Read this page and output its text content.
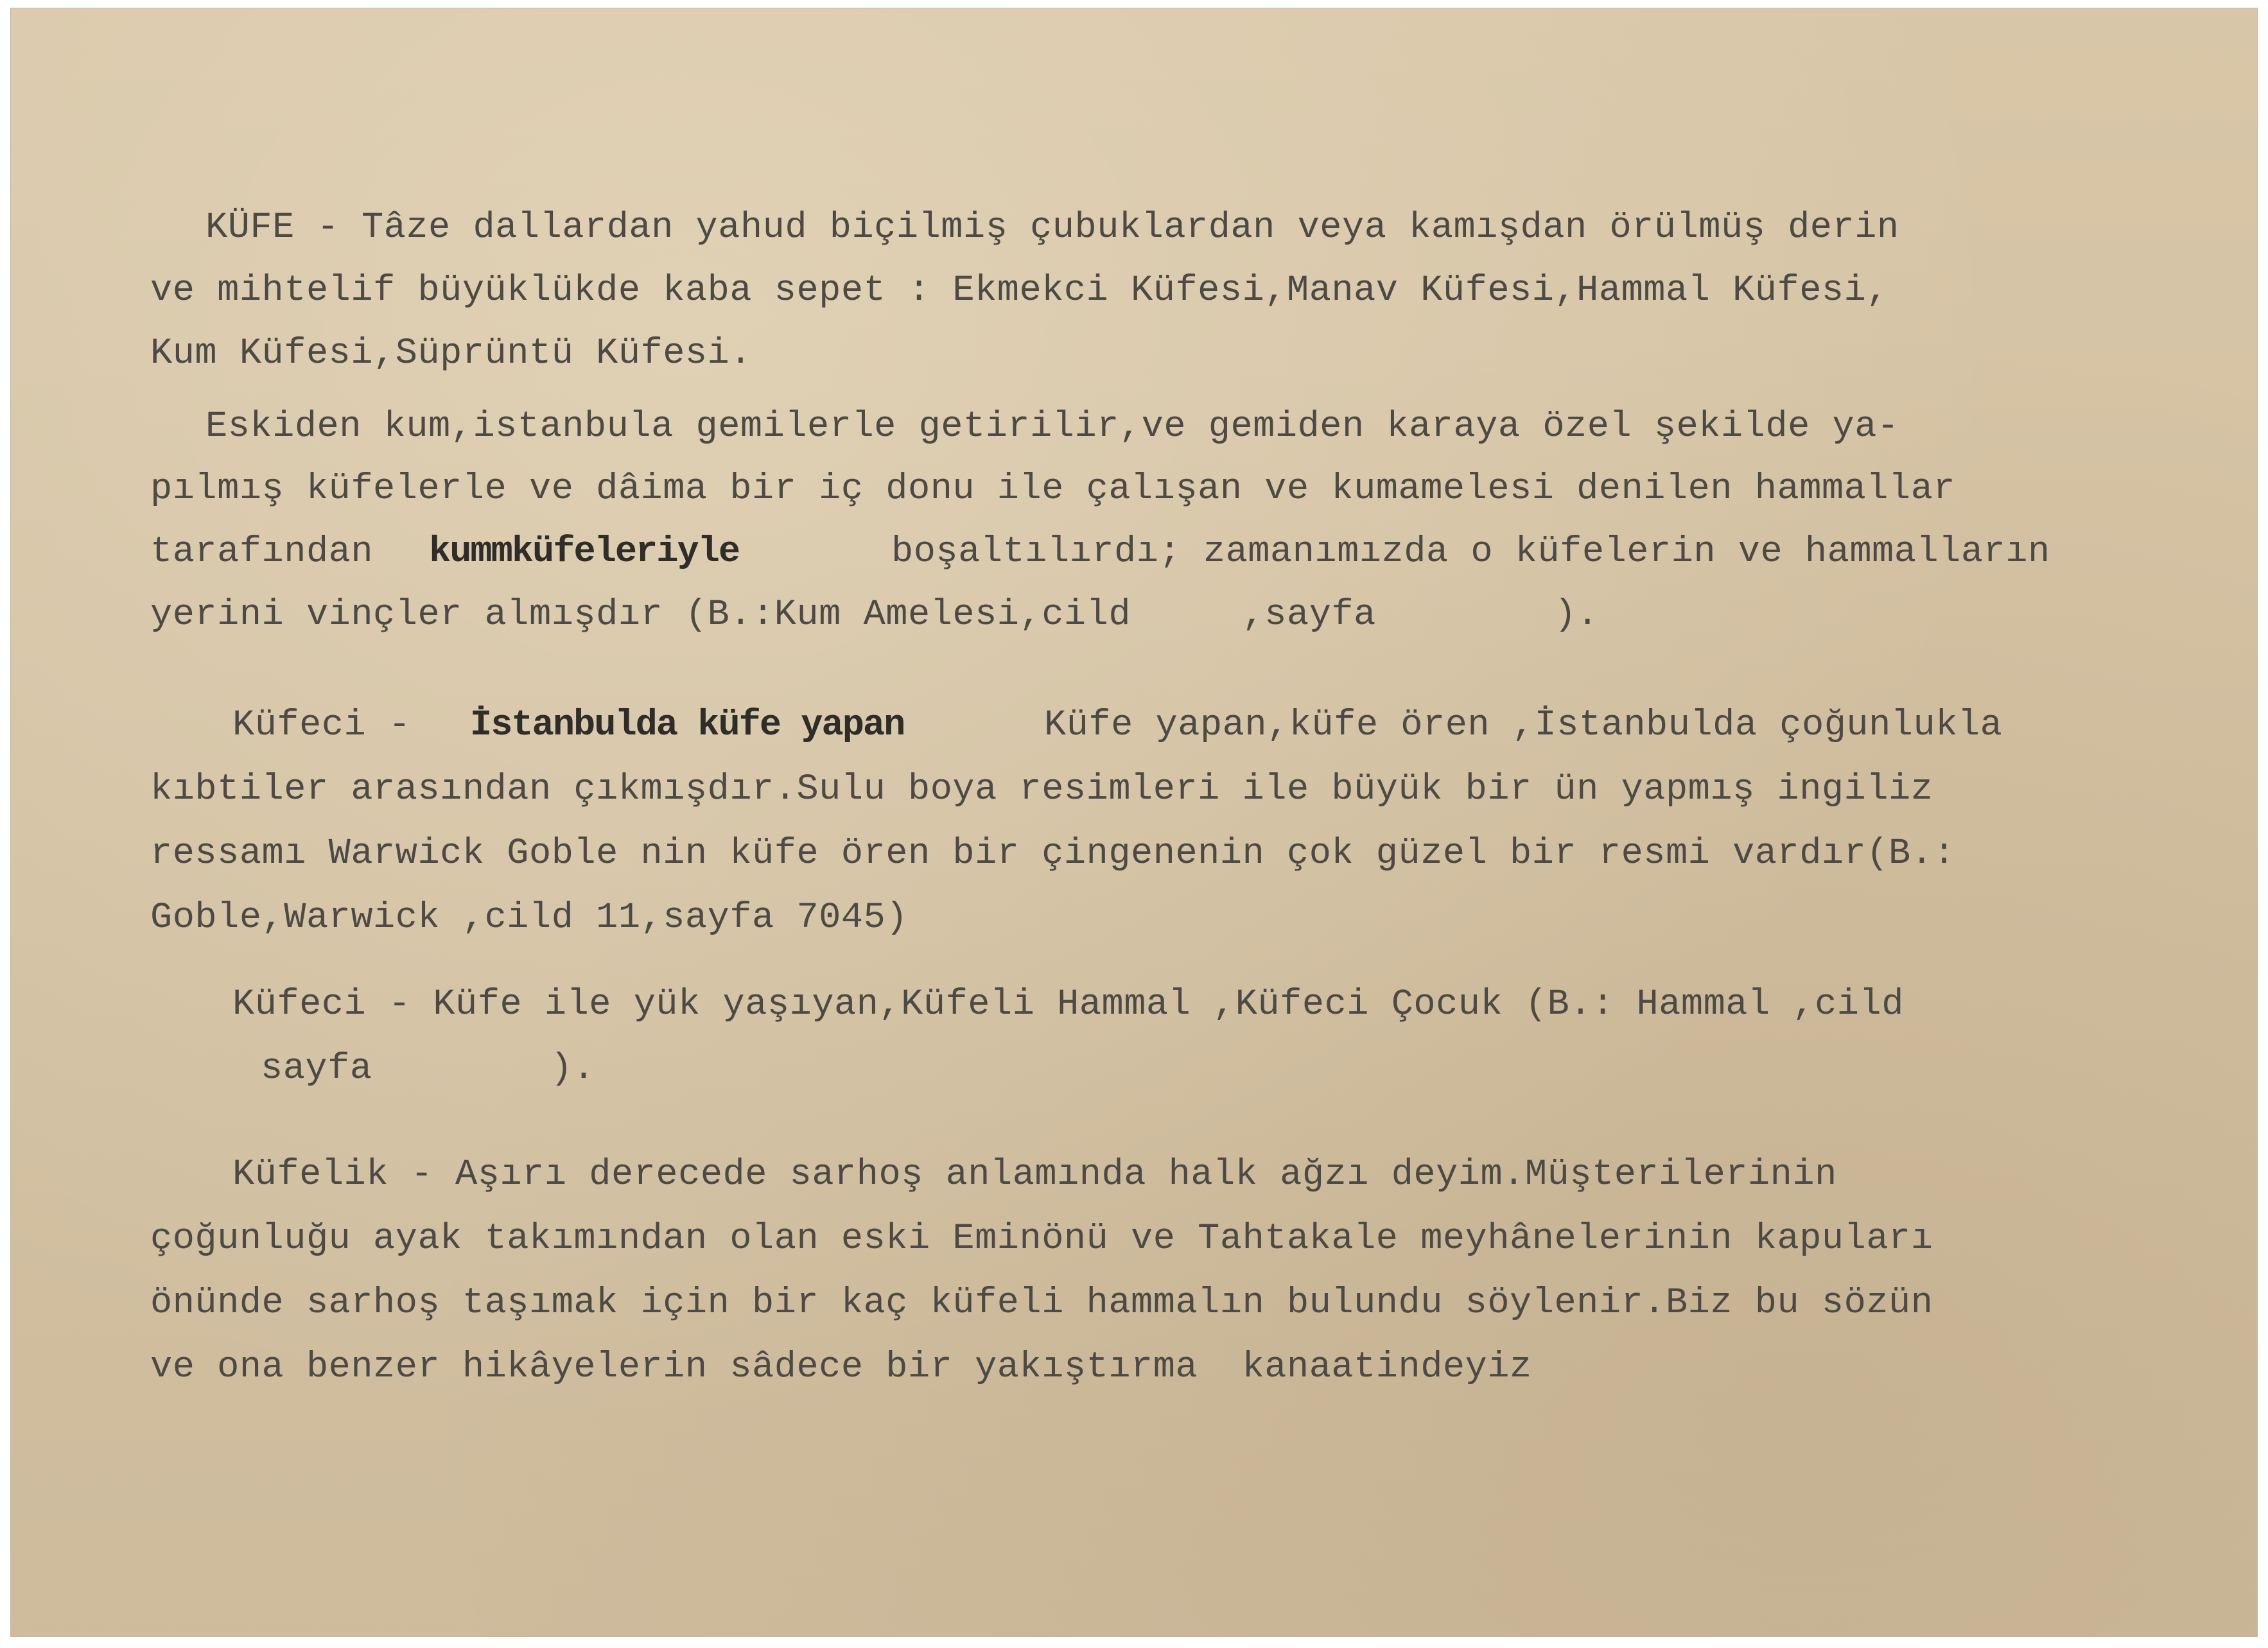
KÜFE - Tâze dallardan yahud biçilmiş çubuklardan veya kamışdan örülmüş derin
ve mihtelif büyüklükde kaba sepet : Ekmekci Küfesi,Manav Küfesi,Hammal Küfesi,
Kum Küfesi,Süprüntü Küfesi.
Eskiden kum,istanbula gemilerle getirilir,ve gemiden karaya özel şekilde ya-
pılmış küfelerle ve dâima bir iç donu ile çalışan ve kumamelesi denilen hammallar
tarafından kummküfeleriyle	boşaltılırdı; zamanımızda o küfelerin ve hammalların
yerini vinçler almışdır (B.:Kum Amelesi,cild     ,sayfa        ).
Küfeci - İstanbulda küfe yapan	Küfe yapan,küfe ören ,İstanbulda çoğunlukla
kıbtiler arasından çıkmışdır.Sulu boya resimleri ile büyük bir ün yapmış ingiliz
ressamı Warwick Goble nin küfe ören bir çingenenin çok güzel bir resmi vardır(B.:
Goble,Warwick ,cild 11,sayfa 7045)
Küfeci - Küfe ile yük yaşıyan,Küfeli Hammal ,Küfeci Çocuk (B.: Hammal ,cild
sayfa        ).
Küfelik - Aşırı derecede sarhoş anlamında halk ağzı deyim.Müşterilerinin
çoğunluğu ayak takımından olan eski Eminönü ve Tahtakale meyhânelerinin kapuları
önünde sarhoş taşımak için bir kaç küfeli hammalın bulundu söylenir.Biz bu sözün
ve ona benzer hikâyelerin sâdece bir yakıştırma  kanaatindeyiz
